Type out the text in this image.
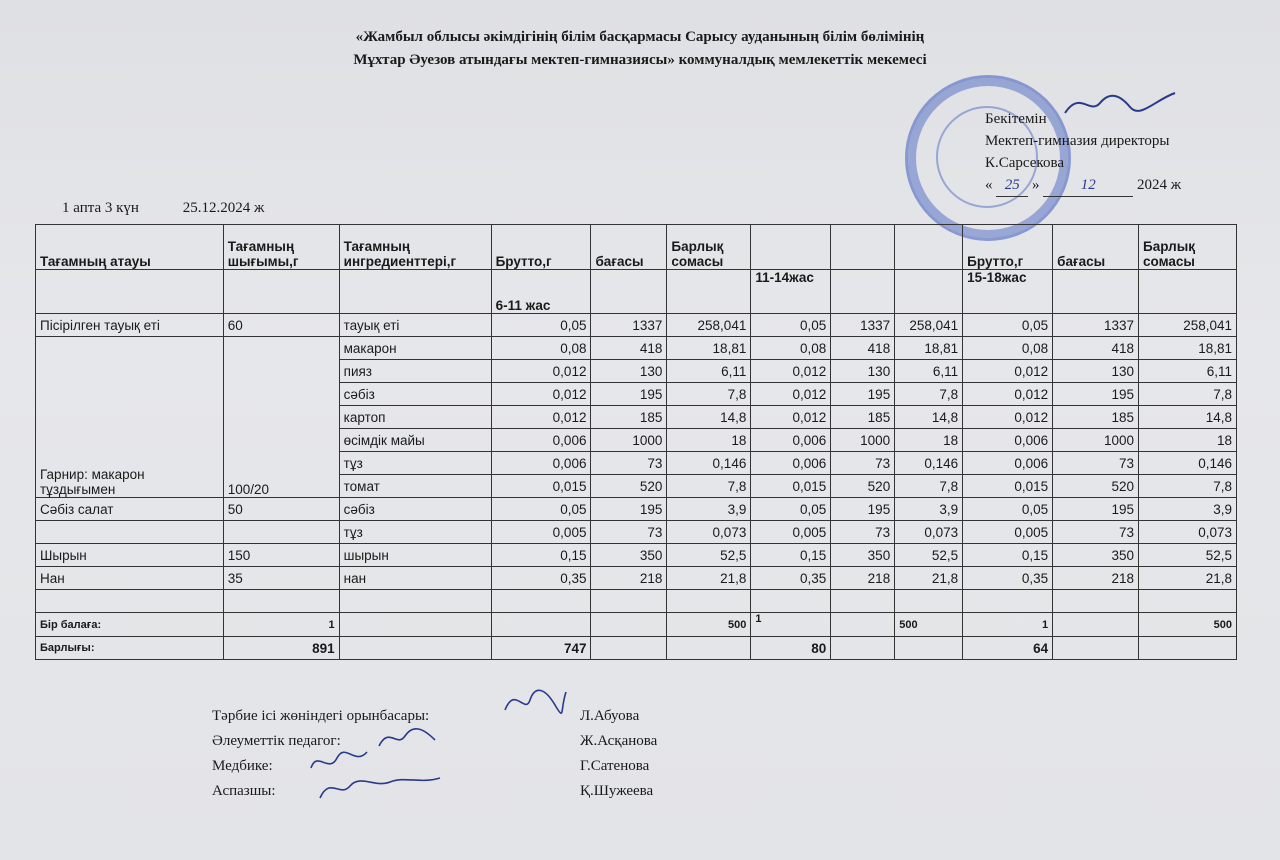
«Жамбыл облысы әкімдігінің білім басқармасы Сарысу ауданының білім бөлімінің
Мұхтар Әуезов атындағы мектеп-гимназиясы» коммуналдық мемлекеттік мекемесі
Бекітемін
Мектеп-гимназия директоры
К.Сарсекова
« 25 »	12	2024 ж
1 апта 3 күн	25.12.2024 ж
Тағамның атауы	Тағамның шығымы,г	Тағамның ингредиенттері,г	Брутто,г	бағасы	Барлық сомасы				Брутто,г	бағасы	Барлық сомасы
			6-11 жас			11-14жас			15-18жас		
Пісірілген тауық еті	60	тауық еті	0,05	1337	258,041	0,05	1337	258,041	0,05	1337	258,041
Гарнир: макарон тұздығымен	100/20	макарон	0,08	418	18,81	0,08	418	18,81	0,08	418	18,81
		пияз	0,012	130	6,11	0,012	130	6,11	0,012	130	6,11
		сәбіз	0,012	195	7,8	0,012	195	7,8	0,012	195	7,8
		картоп	0,012	185	14,8	0,012	185	14,8	0,012	185	14,8
		өсімдік майы	0,006	1000	18	0,006	1000	18	0,006	1000	18
		тұз	0,006	73	0,146	0,006	73	0,146	0,006	73	0,146
		томат	0,015	520	7,8	0,015	520	7,8	0,015	520	7,8
Сәбіз салат	50	сәбіз	0,05	195	3,9	0,05	195	3,9	0,05	195	3,9
		тұз	0,005	73	0,073	0,005	73	0,073	0,005	73	0,073
Шырын	150	шырын	0,15	350	52,5	0,15	350	52,5	0,15	350	52,5
Нан	35	нан	0,35	218	21,8	0,35	218	21,8	0,35	218	21,8

Бір балаға:	1				500	1		500	1		500
Барлығы:	891		747			80			64		
Тәрбие ісі жөніндегі орынбасары:	Л.Абуова
Әлеуметтік педагог:	Ж.Асқанова
Медбике:	Г.Сатенова
Аспазшы:	Қ.Шужеева
